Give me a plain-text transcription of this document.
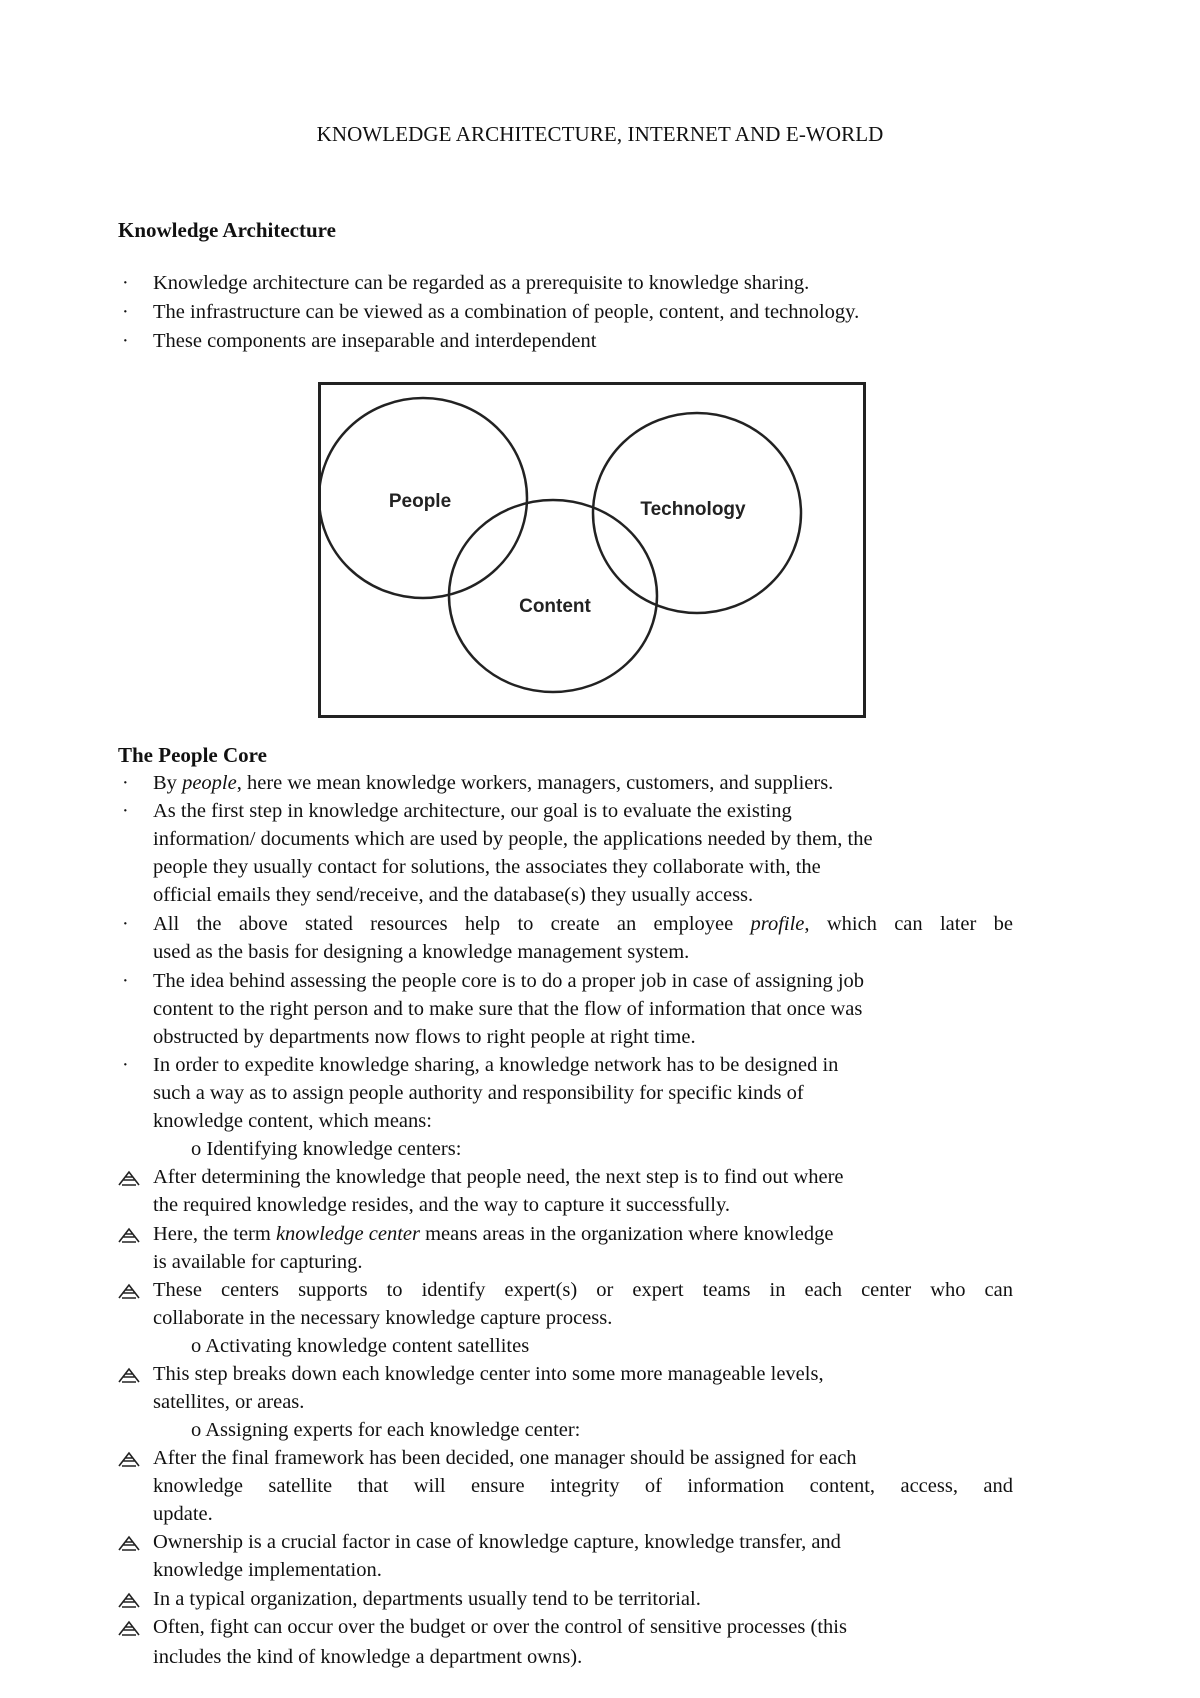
KNOWLEDGE ARCHITECTURE, INTERNET AND E-WORLD
Knowledge Architecture
· Knowledge architecture can be regarded as a prerequisite to knowledge sharing.
· The infrastructure can be viewed as a combination of people, content, and technology.
· These components are inseparable and interdependent
People	Technology
Content
The People Core
· By people, here we mean knowledge workers, managers, customers, and suppliers.
· As the first step in knowledge architecture, our goal is to evaluate the existing
information/ documents which are used by people, the applications needed by them, the
people they usually contact for solutions, the associates they collaborate with, the
official emails they send/receive, and the database(s) they usually access.
· All the above stated resources help to create an employee profile, which can later be
used as the basis for designing a knowledge management system.
· The idea behind assessing the people core is to do a proper job in case of assigning job
content to the right person and to make sure that the flow of information that once was
obstructed by departments now flows to right people at right time.
· In order to expedite knowledge sharing, a knowledge network has to be designed in
such a way as to assign people authority and responsibility for specific kinds of
knowledge content, which means:
o Identifying knowledge centers:
After determining the knowledge that people need, the next step is to find out where
the required knowledge resides, and the way to capture it successfully.
Here, the term knowledge center means areas in the organization where knowledge
is available for capturing.
These centers supports to identify expert(s) or expert teams in each center who can
collaborate in the necessary knowledge capture process.
o Activating knowledge content satellites
This step breaks down each knowledge center into some more manageable levels,
satellites, or areas.
o Assigning experts for each knowledge center:
After the final framework has been decided, one manager should be assigned for each
knowledge satellite that will ensure integrity of information content, access, and
update.
Ownership is a crucial factor in case of knowledge capture, knowledge transfer, and
knowledge implementation.
In a typical organization, departments usually tend to be territorial.
Often, fight can occur over the budget or over the control of sensitive processes (this
includes the kind of knowledge a department owns).
